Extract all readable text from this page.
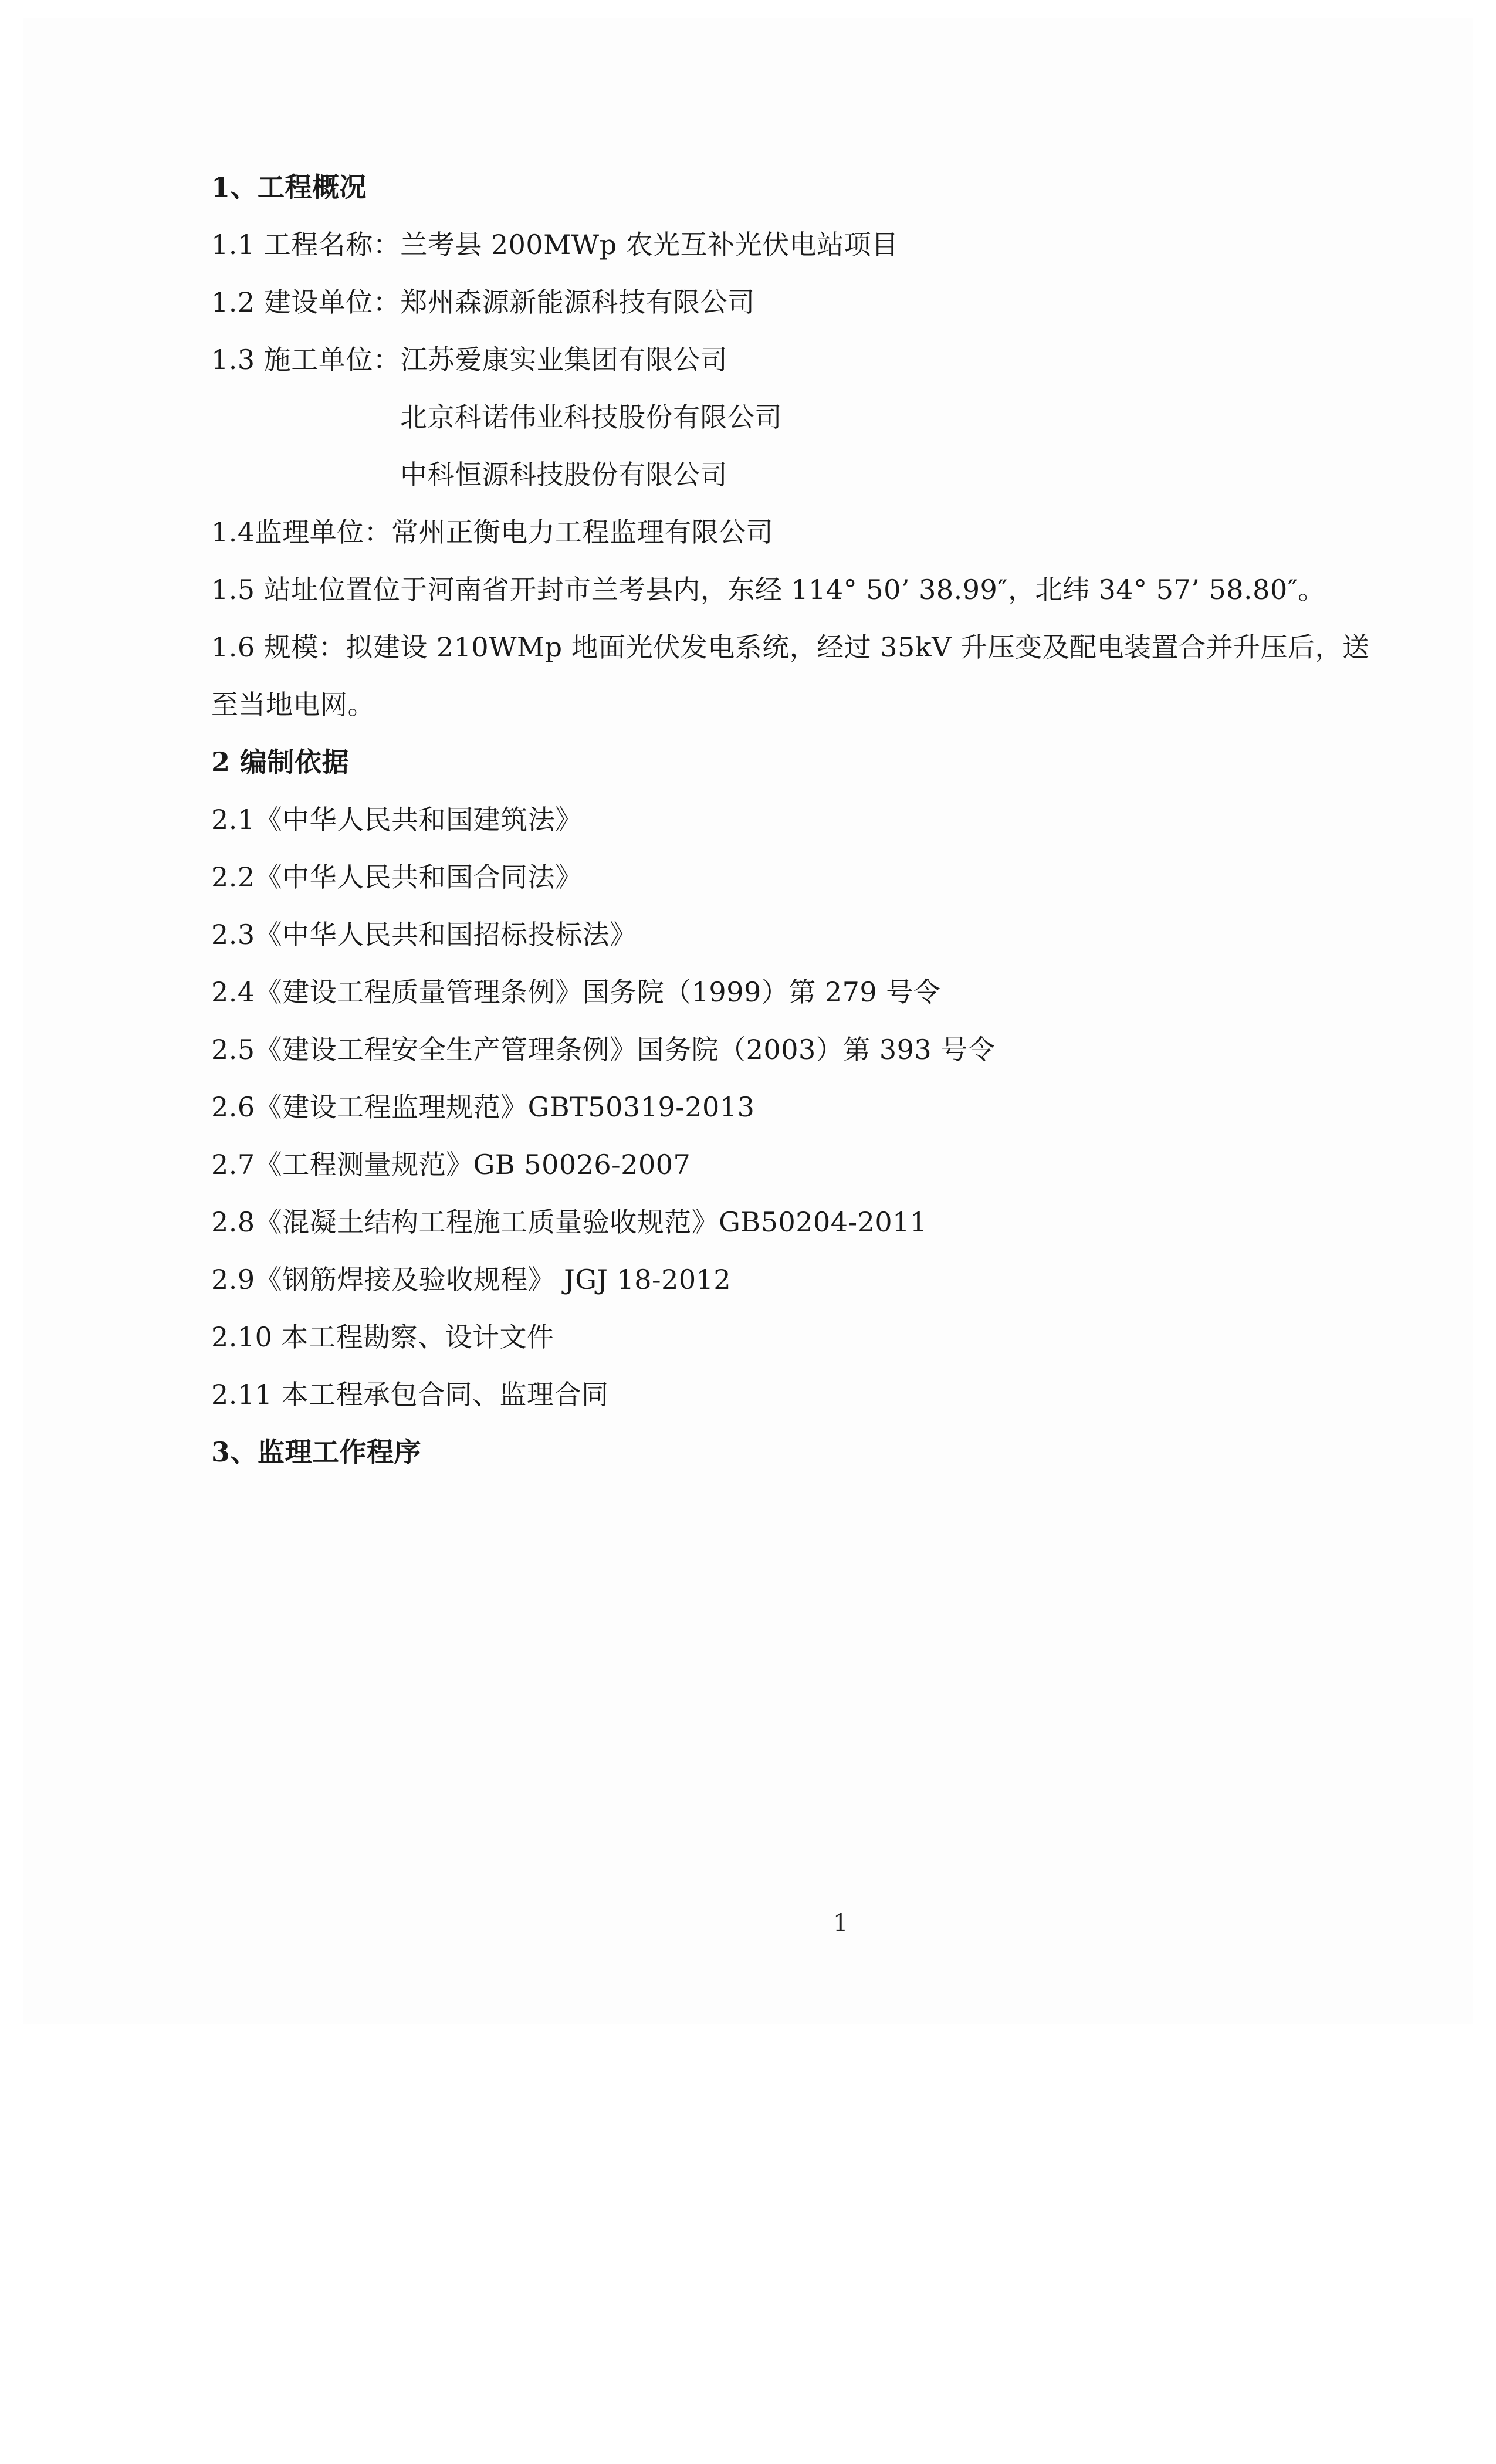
1、工程概况
1.1 工程名称：兰考县 200MWp 农光互补光伏电站项目
1.2 建设单位：郑州森源新能源科技有限公司
1.3 施工单位：江苏爱康实业集团有限公司
北京科诺伟业科技股份有限公司
中科恒源科技股份有限公司
1.4监理单位：常州正衡电力工程监理有限公司
1.5 站址位置位于河南省开封市兰考县内，东经 114° 50’ 38.99″，北纬 34° 57’ 58.80″。
1.6 规模：拟建设 210WMp 地面光伏发电系统，经过 35kV 升压变及配电装置合并升压后，送
至当地电网。
2 编制依据
2.1《中华人民共和国建筑法》
2.2《中华人民共和国合同法》
2.3《中华人民共和国招标投标法》
2.4《建设工程质量管理条例》国务院（1999）第 279 号令
2.5《建设工程安全生产管理条例》国务院（2003）第 393 号令
2.6《建设工程监理规范》GBT50319-2013
2.7《工程测量规范》GB 50026-2007
2.8《混凝土结构工程施工质量验收规范》GB50204-2011
2.9《钢筋焊接及验收规程》 JGJ 18-2012
2.10 本工程勘察、设计文件
2.11 本工程承包合同、监理合同
3、监理工作程序
1
